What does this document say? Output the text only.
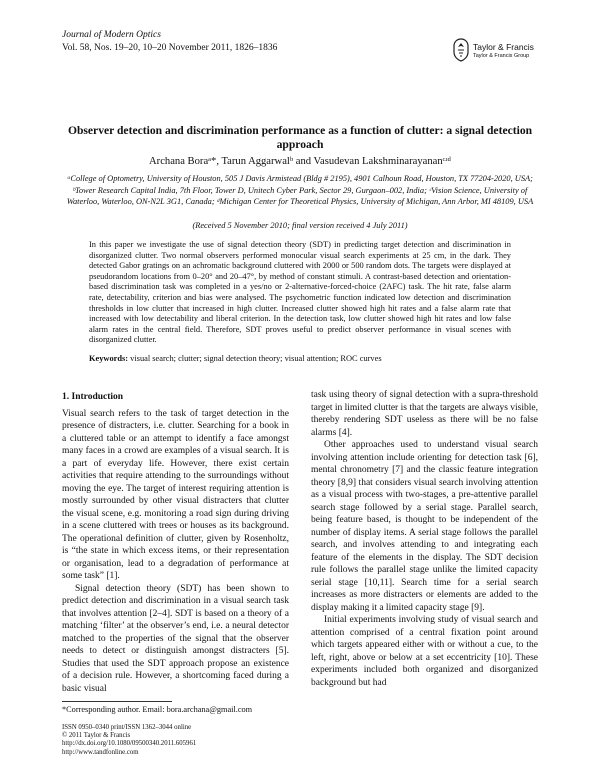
Journal of Modern Optics
Vol. 58, Nos. 19–20, 10–20 November 2011, 1826–1836	Taylor & Francis
Taylor & Francis Group
Observer detection and discrimination performance as a function of clutter: a signal detection approach
Archana Boraᵃ*, Tarun Aggarwalᵇ and Vasudevan Lakshminarayananᶜʴᵈ
ᵃCollege of Optometry, University of Houston, 505 J Davis Armistead (Bldg # 2195), 4901 Calhoun Road, Houston, TX 77204-2020, USA; ᵇTower Research Capital India, 7th Floor, Tower D, Unitech Cyber Park, Sector 29, Gurgaon–002, India; ᶜVision Science, University of Waterloo, Waterloo, ON-N2L 3G1, Canada; ᵈMichigan Center for Theoretical Physics, University of Michigan, Ann Arbor, MI 48109, USA
(Received 5 November 2010; final version received 4 July 2011)

In this paper we investigate the use of signal detection theory (SDT) in predicting target detection and discrimination in disorganized clutter. Two normal observers performed monocular visual search experiments at 25 cm, in the dark. They detected Gabor gratings on an achromatic background cluttered with 2000 or 500 random dots. The targets were displayed at pseudorandom locations from 0–20° and 20–47°, by method of constant stimuli. A contrast-based detection and orientation-based discrimination task was completed in a yes/no or 2-alternative-forced-choice (2AFC) task. The hit rate, false alarm rate, detectability, criterion and bias were analysed. The psychometric function indicated low detection and discrimination thresholds in low clutter that increased in high clutter. Increased clutter showed high hit rates and a false alarm rate that increased with low detectability and liberal criterion. In the detection task, low clutter showed high hit rates and low false alarm rates in the central field. Therefore, SDT proves useful to predict observer performance in visual scenes with disorganized clutter.

Keywords: visual search; clutter; signal detection theory; visual attention; ROC curves
1. Introduction

Visual search refers to the task of target detection in the presence of distracters, i.e. clutter. Searching for a book in a cluttered table or an attempt to identify a face amongst many faces in a crowd are examples of a visual search. It is a part of everyday life. However, there exist certain activities that require attending to the surroundings without moving the eye. The target of interest requiring attention is mostly surrounded by other visual distracters that clutter the visual scene, e.g. monitoring a road sign during driving in a scene cluttered with trees or houses as its background. The operational definition of clutter, given by Rosenholtz, is “the state in which excess items, or their representation or organisation, lead to a degradation of performance at some task” [1].

Signal detection theory (SDT) has been shown to predict detection and discrimination in a visual search task that involves attention [2–4]. SDT is based on a theory of a matching ‘filter’ at the observer’s end, i.e. a neural detector matched to the properties of the signal that the observer needs to detect or distinguish amongst distracters [5]. Studies that used the SDT approach propose an existence of a decision rule. However, a shortcoming faced during a basic visual

task using theory of signal detection with a supra-threshold target in limited clutter is that the targets are always visible, thereby rendering SDT useless as there will be no false alarms [4].

Other approaches used to understand visual search involving attention include orienting for detection task [6], mental chronometry [7] and the classic feature integration theory [8,9] that considers visual search involving attention as a visual process with two-stages, a pre-attentive parallel search stage followed by a serial stage. Parallel search, being feature based, is thought to be independent of the number of display items. A serial stage follows the parallel search, and involves attending to and integrating each feature of the elements in the display. The SDT decision rule follows the parallel stage unlike the limited capacity serial stage [10,11]. Search time for a serial search increases as more distracters or elements are added to the display making it a limited capacity stage [9].

Initial experiments involving study of visual search and attention comprised of a central fixation point around which targets appeared either with or without a cue, to the left, right, above or below at a set eccentricity [10]. These experiments included both organized and disorganized background but had

*Corresponding author. Email: bora.archana@gmail.com
ISSN 0950–0340 print/ISSN 1362–3044 online
© 2011 Taylor & Francis
http://dx.doi.org/10.1080/09500340.2011.605961
http://www.tandfonline.com
